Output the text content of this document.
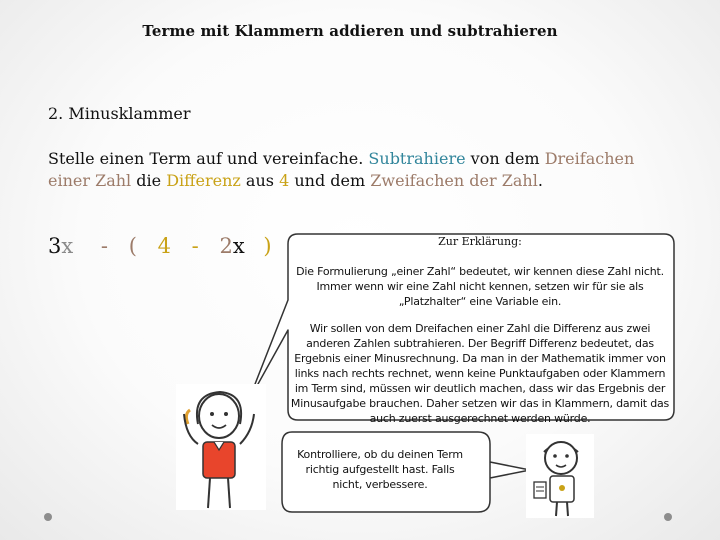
Terme mit Klammern addieren und subtrahieren
2. Minusklammer
Stelle einen Term auf und vereinfache. Subtrahiere von dem Dreifachen
einer Zahl die Differenz aus 4 und dem Zweifachen der Zahl.
3x - ( 4 - 2x )	Zur Erklärung:
Die Formulierung „einer Zahl“ bedeutet, wir kennen diese Zahl nicht. Immer wenn wir eine Zahl nicht kennen, setzen wir für sie als „Platzhalter“ eine Variable ein.
Wir sollen von dem Dreifachen einer Zahl die Differenz aus zwei anderen Zahlen subtrahieren. Der Begriff Differenz bedeutet, das Ergebnis einer Minusrechnung. Da man in der Mathematik immer von links nach rechts rechnet, wenn keine Punktaufgaben oder Klammern im Term sind, müssen wir deutlich machen, dass wir das Ergebnis der Minusaufgabe brauchen. Daher setzen wir das in Klammern, damit das auch zuerst ausgerechnet werden würde.
Kontrolliere, ob du deinen Term richtig aufgestellt hast. Falls nicht, verbessere.
